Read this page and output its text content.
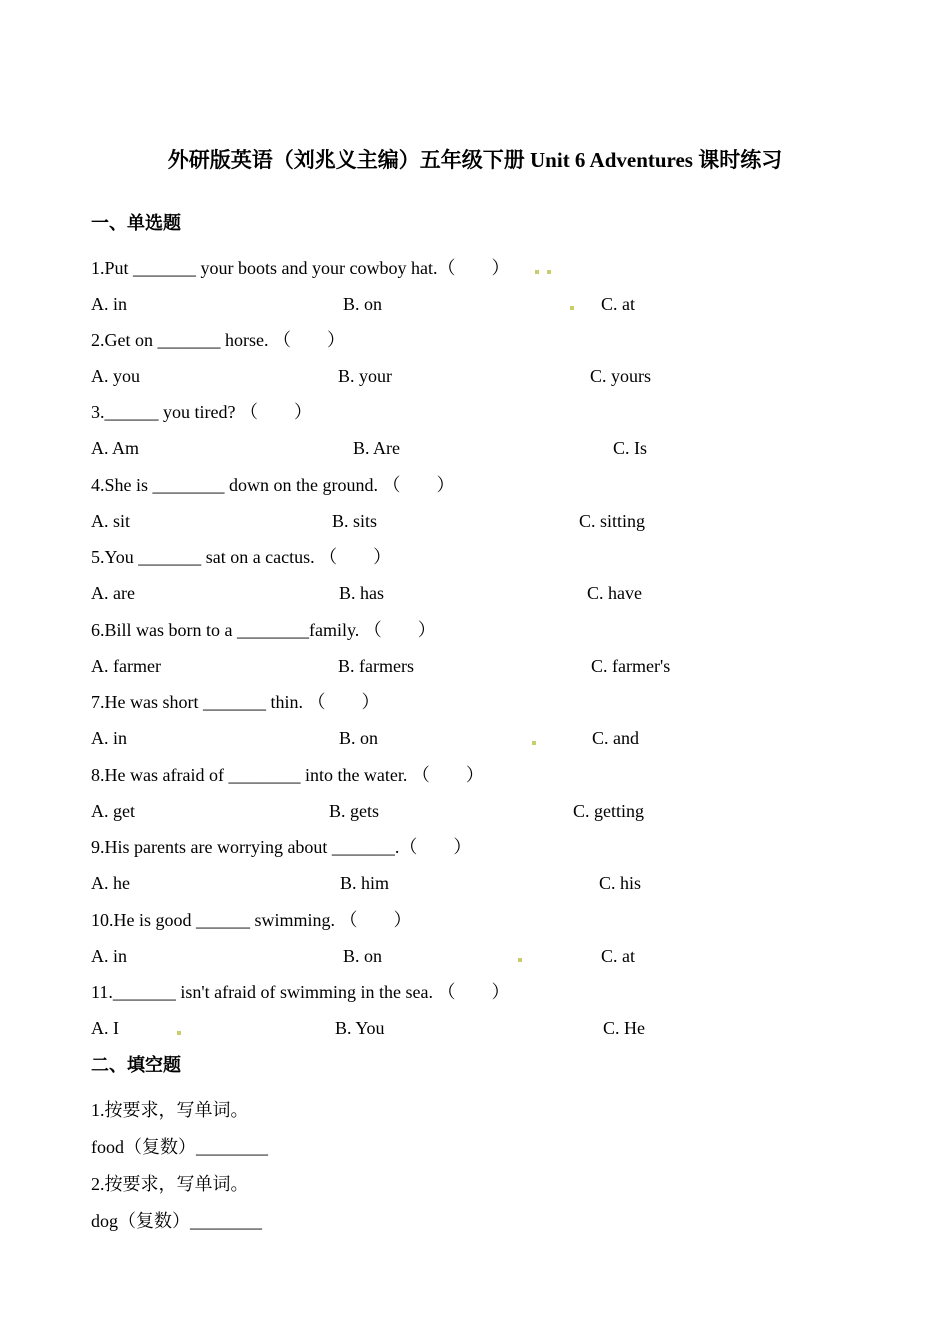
外研版英语（刘兆义主编）五年级下册 Unit 6 Adventures 课时练习
一、单选题
1.Put _______ your boots and your cowboy hat.（　　）
A. in	B. on	C. at
2.Get on _______ horse. （　　）
A. you	B. your	C. yours
3.______ you tired? （　　）
A. Am	B. Are	C. Is
4.She is ________ down on the ground. （　　）
A. sit	B. sits	C. sitting
5.You _______ sat on a cactus. （　　）
A. are	B. has	C. have
6.Bill was born to a ________family. （　　）
A. farmer	B. farmers	C. farmer's
7.He was short _______ thin. （　　）
A. in	B. on	C. and
8.He was afraid of ________ into the water. （　　）
A. get	B. gets	C. getting
9.His parents are worrying about _______.（　　）
A. he	B. him	C. his
10.He is good ______ swimming. （　　）
A. in	B. on	C. at
11._______ isn't afraid of swimming in the sea. （　　）
A. I	B. You	C. He
二、填空题
1.按要求，写单词。
food（复数）________
2.按要求，写单词。
dog（复数）________
